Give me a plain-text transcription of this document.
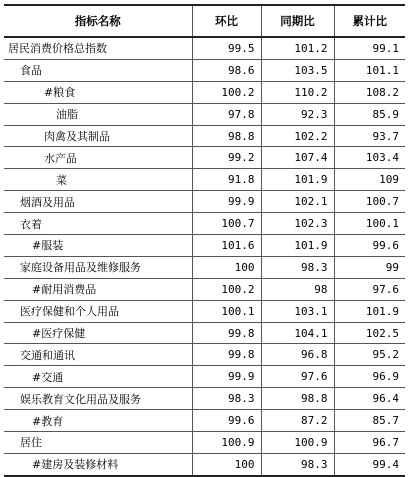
指标名称	环比	同期比	累计比
居民消费价格总指数	99.5	101.2	99.1
食品	98.6	103.5	101.1
#粮食	100.2	110.2	108.2
油脂	97.8	92.3	85.9
肉禽及其制品	98.8	102.2	93.7
水产品	99.2	107.4	103.4
菜	91.8	101.9	109
烟酒及用品	99.9	102.1	100.7
衣着	100.7	102.3	100.1
#服装	101.6	101.9	99.6
家庭设备用品及维修服务	100	98.3	99
#耐用消费品	100.2	98	97.6
医疗保健和个人用品	100.1	103.1	101.9
#医疗保健	99.8	104.1	102.5
交通和通讯	99.8	96.8	95.2
#交通	99.9	97.6	96.9
娱乐教育文化用品及服务	98.3	98.8	96.4
#教育	99.6	87.2	85.7
居住	100.9	100.9	96.7
#建房及装修材料	100	98.3	99.4
